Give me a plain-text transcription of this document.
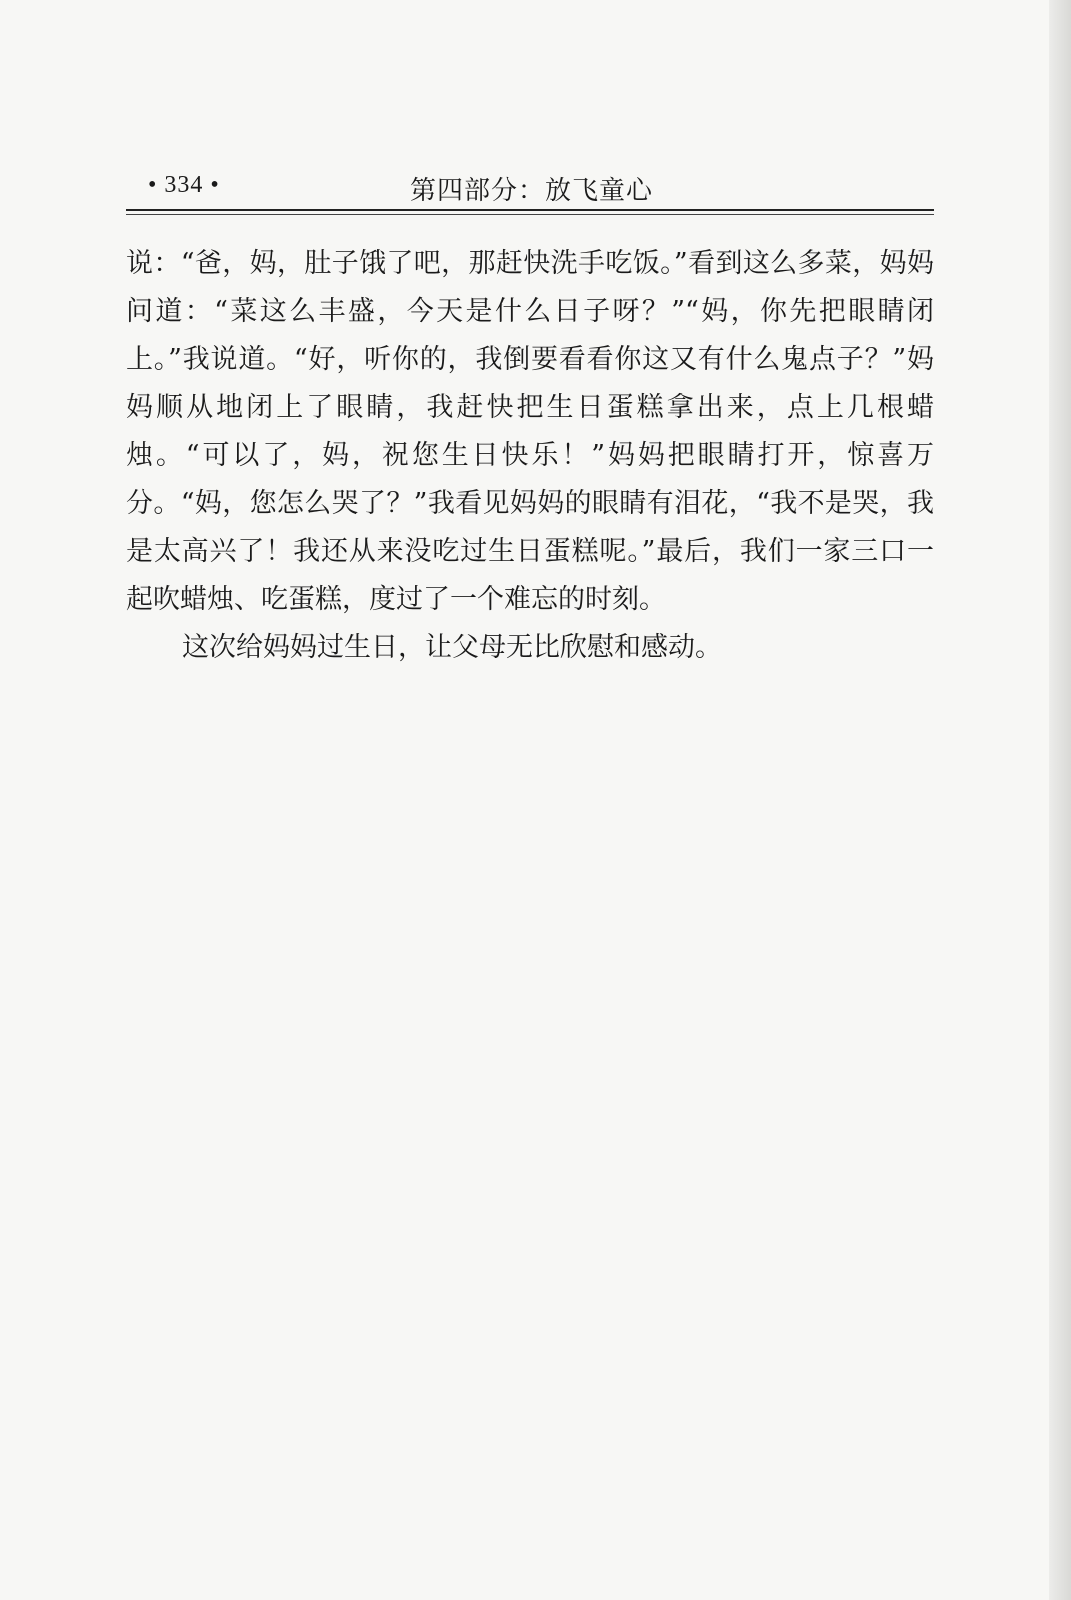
• 334 •	第四部分：放飞童心

说：“爸，妈，肚子饿了吧，那赶快洗手吃饭。”看到这么多菜，妈妈问道：“菜这么丰盛，今天是什么日子呀？”“妈，你先把眼睛闭上。”我说道。“好，听你的，我倒要看看你这又有什么鬼点子？”妈妈顺从地闭上了眼睛，我赶快把生日蛋糕拿出来，点上几根蜡烛。“可以了，妈，祝您生日快乐！”妈妈把眼睛打开，惊喜万分。“妈，您怎么哭了？”我看见妈妈的眼睛有泪花，“我不是哭，我是太高兴了！我还从来没吃过生日蛋糕呢。”最后，我们一家三口一起吹蜡烛、吃蛋糕，度过了一个难忘的时刻。

这次给妈妈过生日，让父母无比欣慰和感动。
